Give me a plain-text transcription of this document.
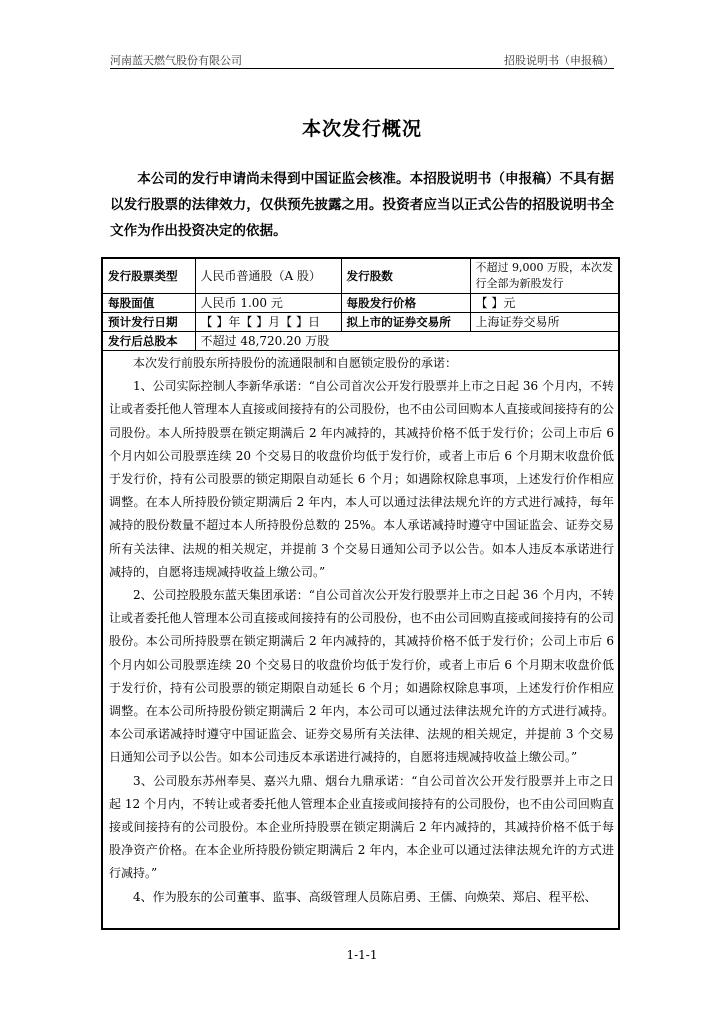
河南蓝天燃气股份有限公司	招股说明书（申报稿）
本次发行概况
本公司的发行申请尚未得到中国证监会核准。本招股说明书（申报稿）不具有据以发行股票的法律效力，仅供预先披露之用。投资者应当以正式公告的招股说明书全文作为作出投资决定的依据。
发行股票类型	人民币普通股（A 股）	发行股数	不超过 9,000 万股，本次发行全部为新股发行
每股面值	人民币 1.00 元	每股发行价格	【 】元
预计发行日期	【 】年【 】月【 】日	拟上市的证券交易所	上海证券交易所
发行后总股本	不超过 48,720.20 万股		

本次发行前股东所持股份的流通限制和自愿锁定股份的承诺：

1、公司实际控制人李新华承诺：“自公司首次公开发行股票并上市之日起 36 个月内，不转让或者委托他人管理本人直接或间接持有的公司股份，也不由公司回购本人直接或间接持有的公司股份。本人所持股票在锁定期满后 2 年内减持的，其减持价格不低于发行价；公司上市后 6 个月内如公司股票连续 20 个交易日的收盘价均低于发行价，或者上市后 6 个月期末收盘价低于发行价，持有公司股票的锁定期限自动延长 6 个月；如遇除权除息事项，上述发行价作相应调整。在本人所持股份锁定期满后 2 年内，本人可以通过法律法规允许的方式进行减持，每年减持的股份数量不超过本人所持股份总数的 25%。本人承诺减持时遵守中国证监会、证券交易所有关法律、法规的相关规定，并提前 3 个交易日通知公司予以公告。如本人违反本承诺进行减持的，自愿将违规减持收益上缴公司。”

2、公司控股股东蓝天集团承诺：“自公司首次公开发行股票并上市之日起 36 个月内，不转让或者委托他人管理本公司直接或间接持有的公司股份，也不由公司回购直接或间接持有的公司股份。本公司所持股票在锁定期满后 2 年内减持的，其减持价格不低于发行价；公司上市后 6 个月内如公司股票连续 20 个交易日的收盘价均低于发行价，或者上市后 6 个月期末收盘价低于发行价，持有公司股票的锁定期限自动延长 6 个月；如遇除权除息事项，上述发行价作相应调整。在本公司所持股份锁定期满后 2 年内，本公司可以通过法律法规允许的方式进行减持。本公司承诺减持时遵守中国证监会、证券交易所有关法律、法规的相关规定，并提前 3 个交易日通知公司予以公告。如本公司违反本承诺进行减持的，自愿将违规减持收益上缴公司。”

3、公司股东苏州奉昊、嘉兴九鼎、烟台九鼎承诺：“自公司首次公开发行股票并上市之日起 12 个月内，不转让或者委托他人管理本企业直接或间接持有的公司股份，也不由公司回购直接或间接持有的公司股份。本企业所持股票在锁定期满后 2 年内减持的，其减持价格不低于每股净资产价格。在本企业所持股份锁定期满后 2 年内，本企业可以通过法律法规允许的方式进行减持。”

4、作为股东的公司董事、监事、高级管理人员陈启勇、王儒、向焕荣、郑启、程平松、

1-1-1
